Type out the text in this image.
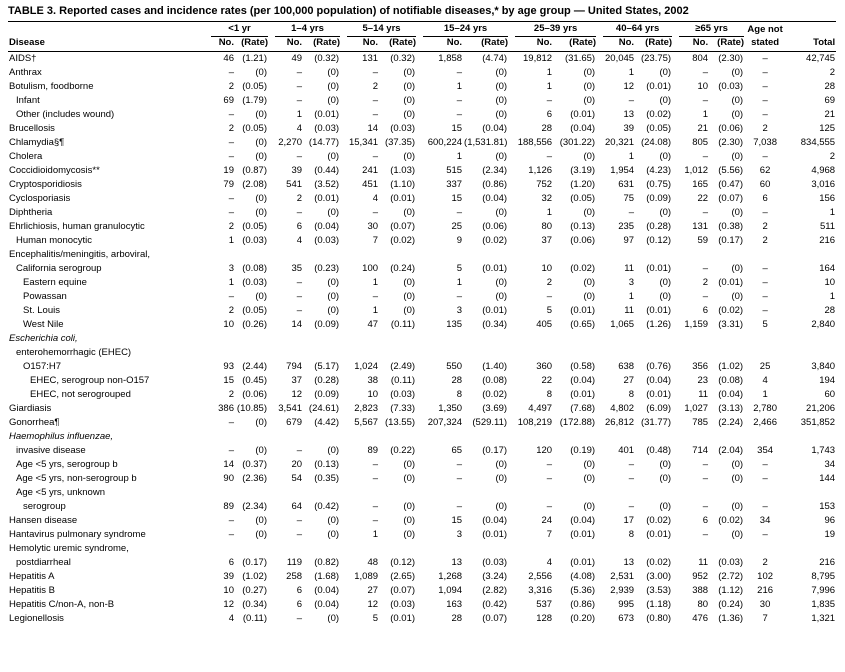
TABLE 3. Reported cases and incidence rates (per 100,000 population) of notifiable diseases,* by age group — United States, 2002

	<1 yr		1–4 yrs		5–14 yrs		15–24 yrs		25–39 yrs		40–64 yrs		≥65 yrs		Age not	
Disease	No.	(Rate)	No.	(Rate)	No.	(Rate)	No.	(Rate)	No.	(Rate)	No.	(Rate)	No.	(Rate)	stated	Total
AIDS†	46	(1.21)	49	(0.32)	131	(0.32)	1,858	(4.74)	19,812	(31.65)	20,045	(23.75)	804	(2.30)	–	42,745
Anthrax	–	(0)	–	(0)	–	(0)	–	(0)	1	(0)	1	(0)	–	(0)	–	2
Botulism, foodborne	2	(0.05)	–	(0)	2	(0)	1	(0)	1	(0)	12	(0.01)	10	(0.03)	–	28
Infant	69	(1.79)	–	(0)	–	(0)	–	(0)	–	(0)	–	(0)	–	(0)	–	69
Other (includes wound)	–	(0)	1	(0.01)	–	(0)	–	(0)	6	(0.01)	13	(0.02)	1	(0)	–	21
Brucellosis	2	(0.05)	4	(0.03)	14	(0.03)	15	(0.04)	28	(0.04)	39	(0.05)	21	(0.06)	2	125
Chlamydia§¶	–	(0)	2,270	(14.77)	15,341	(37.35)	600,224	(1,531.81)	188,556	(301.22)	20,321	(24.08)	805	(2.30)	7,038	834,555
Cholera	–	(0)	–	(0)	–	(0)	1	(0)	–	(0)	1	(0)	–	(0)	–	2
Coccidioidomycosis**	19	(0.87)	39	(0.44)	241	(1.03)	515	(2.34)	1,126	(3.19)	1,954	(4.23)	1,012	(5.56)	62	4,968
Cryptosporidiosis	79	(2.08)	541	(3.52)	451	(1.10)	337	(0.86)	752	(1.20)	631	(0.75)	165	(0.47)	60	3,016
Cyclosporiasis	–	(0)	2	(0.01)	4	(0.01)	15	(0.04)	32	(0.05)	75	(0.09)	22	(0.07)	6	156
Diphtheria	–	(0)	–	(0)	–	(0)	–	(0)	1	(0)	–	(0)	–	(0)	–	1
Ehrlichiosis, human granulocytic	2	(0.05)	6	(0.04)	30	(0.07)	25	(0.06)	80	(0.13)	235	(0.28)	131	(0.38)	2	511
Human monocytic	1	(0.03)	4	(0.03)	7	(0.02)	9	(0.02)	37	(0.06)	97	(0.12)	59	(0.17)	2	216
Encephalitis/meningitis, arboviral,																
California serogroup	3	(0.08)	35	(0.23)	100	(0.24)	5	(0.01)	10	(0.02)	11	(0.01)	–	(0)	–	164
Eastern equine	1	(0.03)	–	(0)	1	(0)	1	(0)	2	(0)	3	(0)	2	(0.01)	–	10
Powassan	–	(0)	–	(0)	–	(0)	–	(0)	–	(0)	1	(0)	–	(0)	–	1
St. Louis	2	(0.05)	–	(0)	1	(0)	3	(0.01)	5	(0.01)	11	(0.01)	6	(0.02)	–	28
West Nile	10	(0.26)	14	(0.09)	47	(0.11)	135	(0.34)	405	(0.65)	1,065	(1.26)	1,159	(3.31)	5	2,840
Escherichia coli,																
enterohemorrhagic (EHEC)																
O157:H7	93	(2.44)	794	(5.17)	1,024	(2.49)	550	(1.40)	360	(0.58)	638	(0.76)	356	(1.02)	25	3,840
EHEC, serogroup non-O157	15	(0.45)	37	(0.28)	38	(0.11)	28	(0.08)	22	(0.04)	27	(0.04)	23	(0.08)	4	194
EHEC, not serogrouped	2	(0.06)	12	(0.09)	10	(0.03)	8	(0.02)	8	(0.01)	8	(0.01)	11	(0.04)	1	60
Giardiasis	386	(10.85)	3,541	(24.61)	2,823	(7.33)	1,350	(3.69)	4,497	(7.68)	4,802	(6.09)	1,027	(3.13)	2,780	21,206
Gonorrhea¶	–	(0)	679	(4.42)	5,567	(13.55)	207,324	(529.11)	108,219	(172.88)	26,812	(31.77)	785	(2.24)	2,466	351,852
Haemophilus influenzae,																
invasive disease	–	(0)	–	(0)	89	(0.22)	65	(0.17)	120	(0.19)	401	(0.48)	714	(2.04)	354	1,743
Age <5 yrs, serogroup b	14	(0.37)	20	(0.13)	–	(0)	–	(0)	–	(0)	–	(0)	–	(0)	–	34
Age <5 yrs, non-serogroup b	90	(2.36)	54	(0.35)	–	(0)	–	(0)	–	(0)	–	(0)	–	(0)	–	144
Age <5 yrs, unknown																
serogroup	89	(2.34)	64	(0.42)	–	(0)	–	(0)	–	(0)	–	(0)	–	(0)	–	153
Hansen disease	–	(0)	–	(0)	–	(0)	15	(0.04)	24	(0.04)	17	(0.02)	6	(0.02)	34	96
Hantavirus pulmonary syndrome	–	(0)	–	(0)	1	(0)	3	(0.01)	7	(0.01)	8	(0.01)	–	(0)	–	19
Hemolytic uremic syndrome,																
postdiarrheal	6	(0.17)	119	(0.82)	48	(0.12)	13	(0.03)	4	(0.01)	13	(0.02)	11	(0.03)	2	216
Hepatitis A	39	(1.02)	258	(1.68)	1,089	(2.65)	1,268	(3.24)	2,556	(4.08)	2,531	(3.00)	952	(2.72)	102	8,795
Hepatitis B	10	(0.27)	6	(0.04)	27	(0.07)	1,094	(2.82)	3,316	(5.36)	2,939	(3.53)	388	(1.12)	216	7,996
Hepatitis C/non-A, non-B	12	(0.34)	6	(0.04)	12	(0.03)	163	(0.42)	537	(0.86)	995	(1.18)	80	(0.24)	30	1,835
Legionellosis	4	(0.11)	–	(0)	5	(0.01)	28	(0.07)	128	(0.20)	673	(0.80)	476	(1.36)	7	1,321
